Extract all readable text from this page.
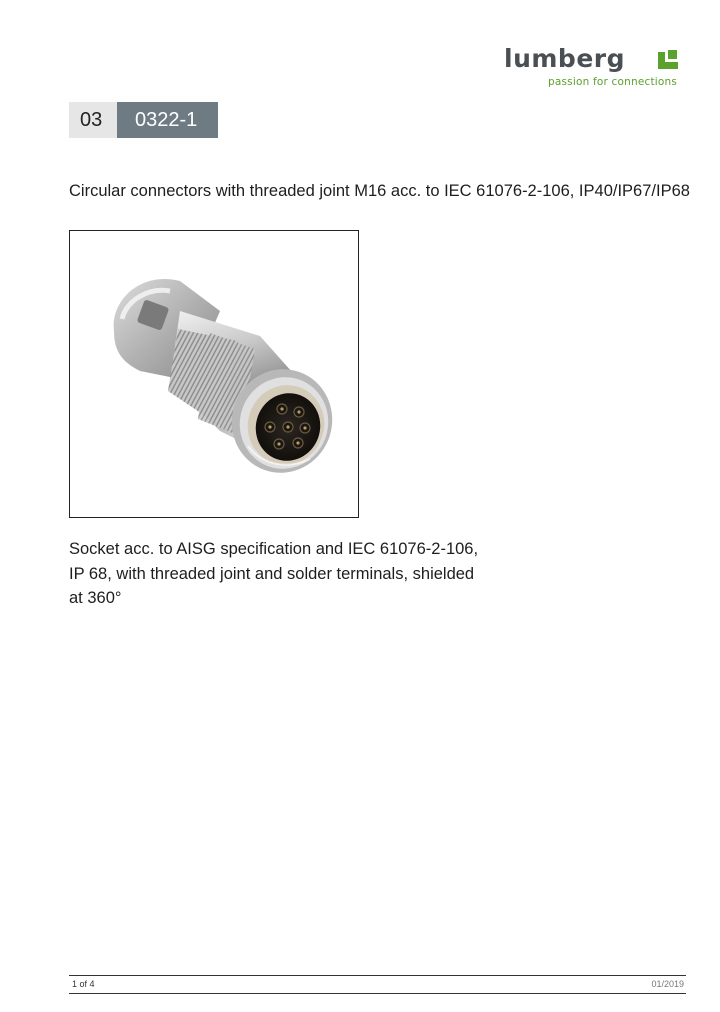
lumberg
passion for connections
03	0322-1
Circular connectors with threaded joint M16 acc. to IEC 61076-2-106, IP40/IP67/IP68
Socket acc. to AISG specification and IEC 61076-2-106, IP 68, with threaded joint and solder terminals, shielded at 360°
1 of 4	01/2019
